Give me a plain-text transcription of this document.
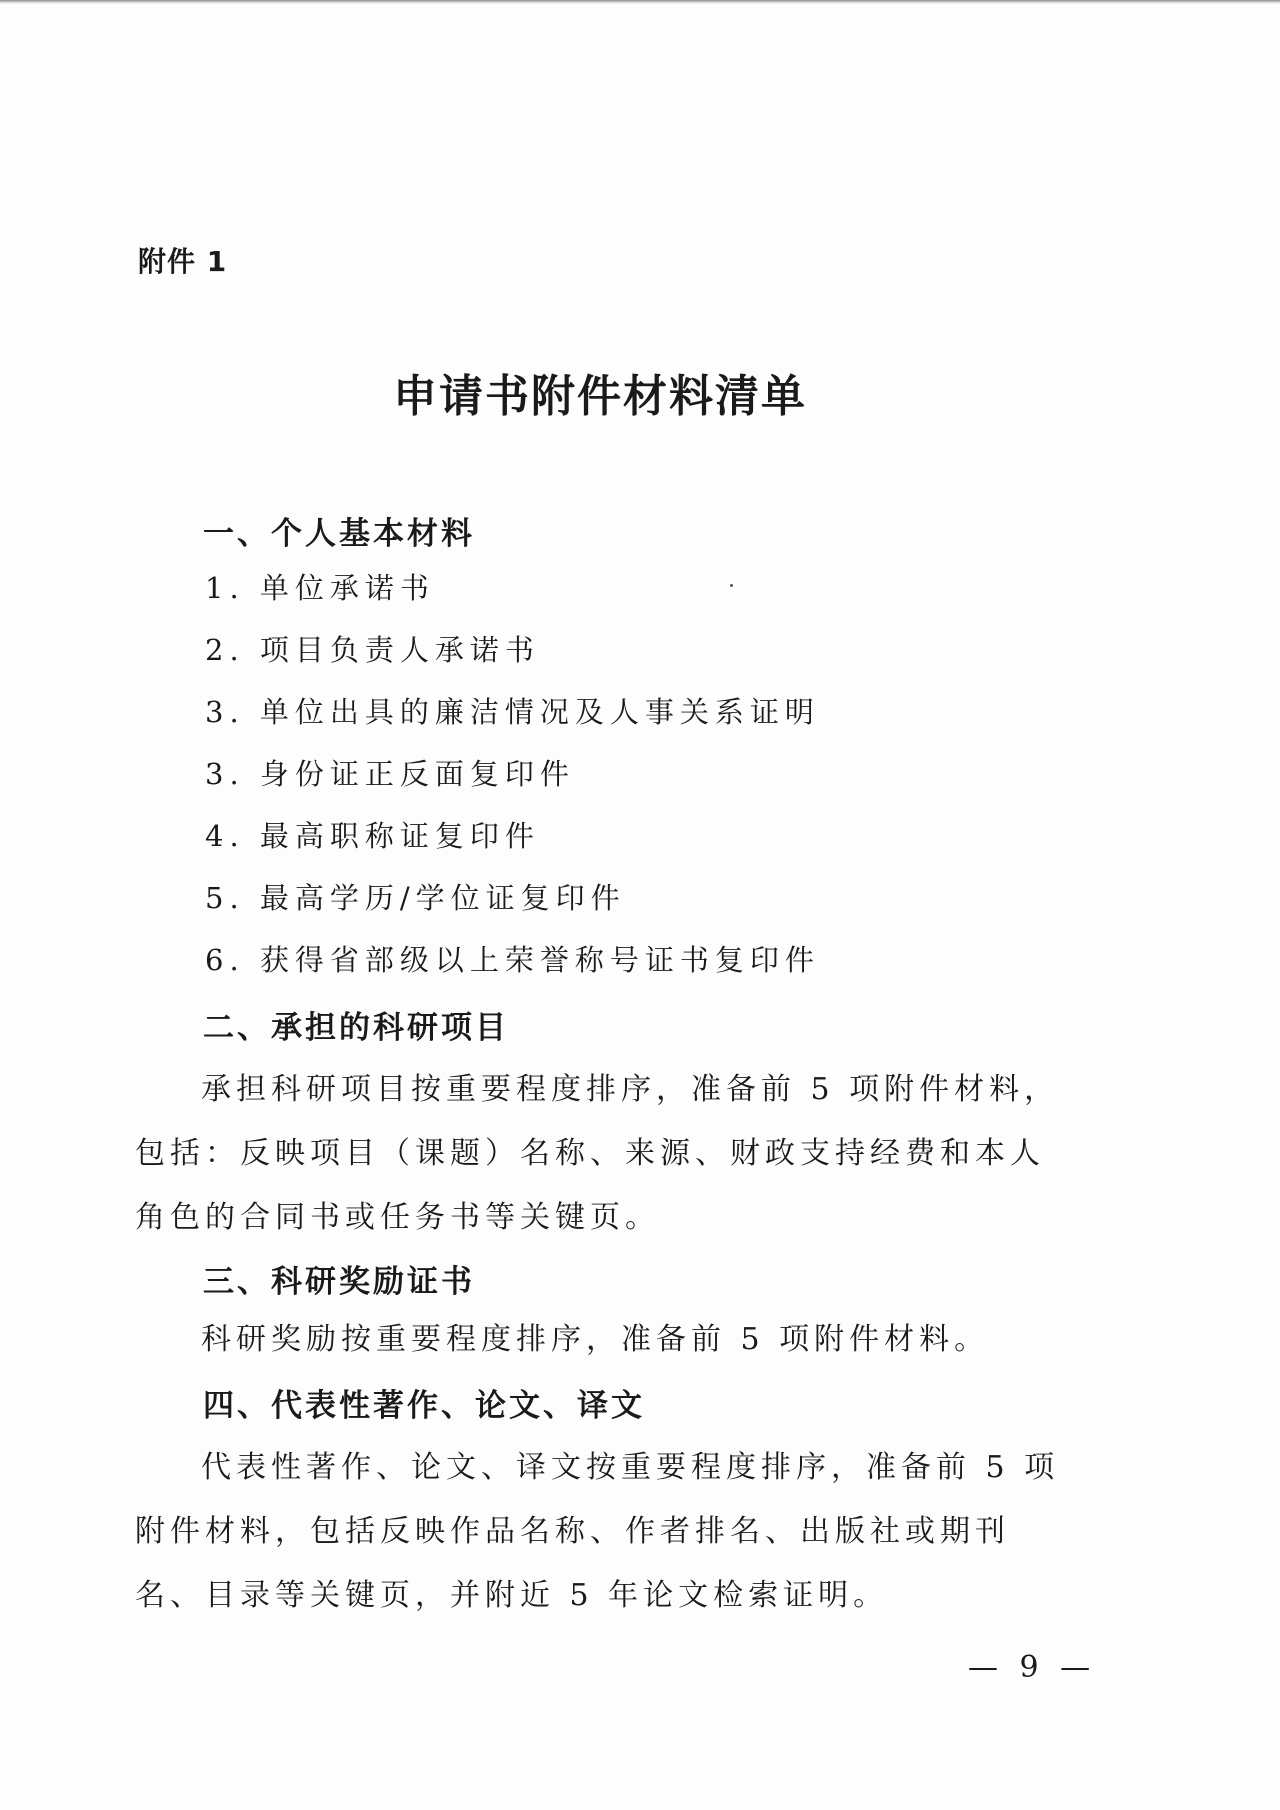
附件 1
申请书附件材料清单
一、个人基本材料
1. 单位承诺书
2. 项目负责人承诺书
3. 单位出具的廉洁情况及人事关系证明
3. 身份证正反面复印件
4. 最高职称证复印件
5. 最高学历/学位证复印件
6. 获得省部级以上荣誉称号证书复印件
二、承担的科研项目

承担科研项目按重要程度排序，准备前 5 项附件材料，包括：反映项目（课题）名称、来源、财政支持经费和本人角色的合同书或任务书等关键页。

三、科研奖励证书

科研奖励按重要程度排序，准备前 5 项附件材料。

四、代表性著作、论文、译文

代表性著作、论文、译文按重要程度排序，准备前 5 项附件材料，包括反映作品名称、作者排名、出版社或期刊名、目录等关键页，并附近 5 年论文检索证明。

— 9 —
